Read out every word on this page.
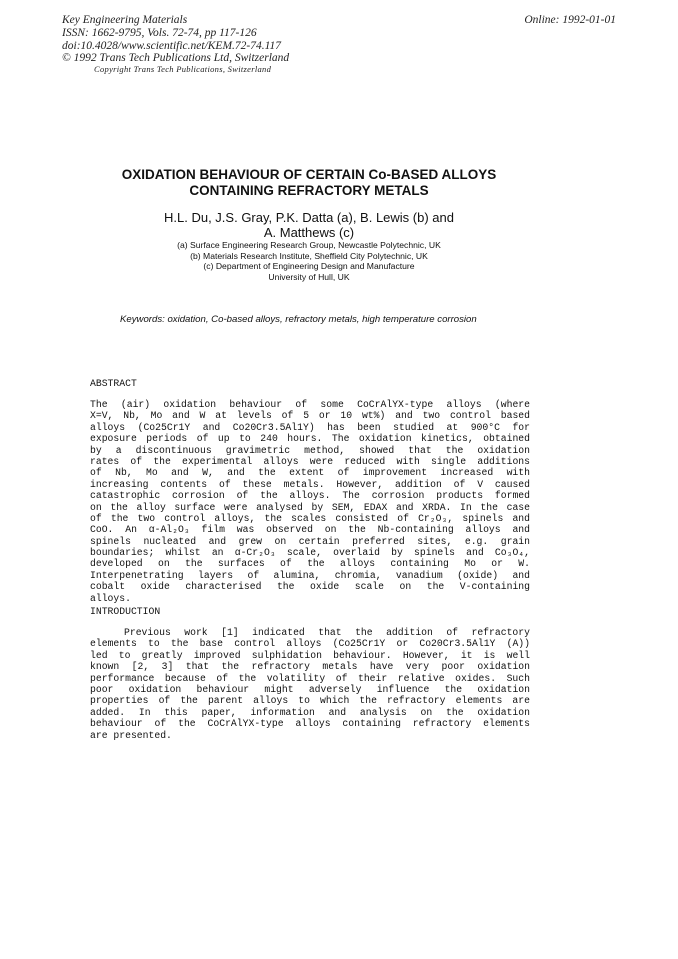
Key Engineering Materials
ISSN: 1662-9795, Vols. 72-74, pp 117-126
doi:10.4028/www.scientific.net/KEM.72-74.117
© 1992 Trans Tech Publications Ltd, Switzerland
Copyright Trans Tech Publications, Switzerland
Online: 1992-01-01
OXIDATION BEHAVIOUR OF CERTAIN Co-BASED ALLOYS
CONTAINING REFRACTORY METALS
H.L. Du, J.S. Gray, P.K. Datta (a), B. Lewis (b) and
A. Matthews (c)
(a) Surface Engineering Research Group, Newcastle Polytechnic, UK
(b) Materials Research Institute, Sheffield City Polytechnic, UK
(c) Department of Engineering Design and Manufacture
University of Hull, UK
Keywords: oxidation, Co-based alloys, refractory metals, high temperature corrosion
ABSTRACT
The (air) oxidation behaviour of some CoCrAlYX-type alloys (where
X=V, Nb, Mo and W at levels of 5 or 10 wt%) and two control based
alloys (Co25Cr1Y and Co20Cr3.5Al1Y) has been studied at 900°C for
exposure periods of up to 240 hours. The oxidation kinetics, obtained
by a discontinuous gravimetric method, showed that the oxidation
rates of the experimental alloys were reduced with single additions
of Nb, Mo and W, and the extent of improvement increased with
increasing contents of these metals. However, addition of V caused
catastrophic corrosion of the alloys. The corrosion products formed
on the alloy surface were analysed by SEM, EDAX and XRDA. In the case
of the two control alloys, the scales consisted of Cr₂O₃, spinels and
CoO. An α-Al₂O₃ film was observed on the Nb-containing alloys and
spinels nucleated and grew on certain preferred sites, e.g. grain
boundaries; whilst an α-Cr₂O₃ scale, overlaid by spinels and Co₃O₄,
developed on the surfaces of the alloys containing Mo or W.
Interpenetrating layers of alumina, chromia, vanadium (oxide) and
cobalt oxide characterised the oxide scale on the V-containing
alloys.
INTRODUCTION
Previous work [1] indicated that the addition of refractory
elements to the base control alloys (Co25Cr1Y or Co20Cr3.5Al1Y (A))
led to greatly improved sulphidation behaviour. However, it is well
known [2, 3] that the refractory metals have very poor oxidation
performance because of the volatility of their relative oxides. Such
poor oxidation behaviour might adversely influence the oxidation
properties of the parent alloys to which the refractory elements are
added. In this paper, information and analysis on the oxidation
behaviour of the CoCrAlYX-type alloys containing refractory elements
are presented.
